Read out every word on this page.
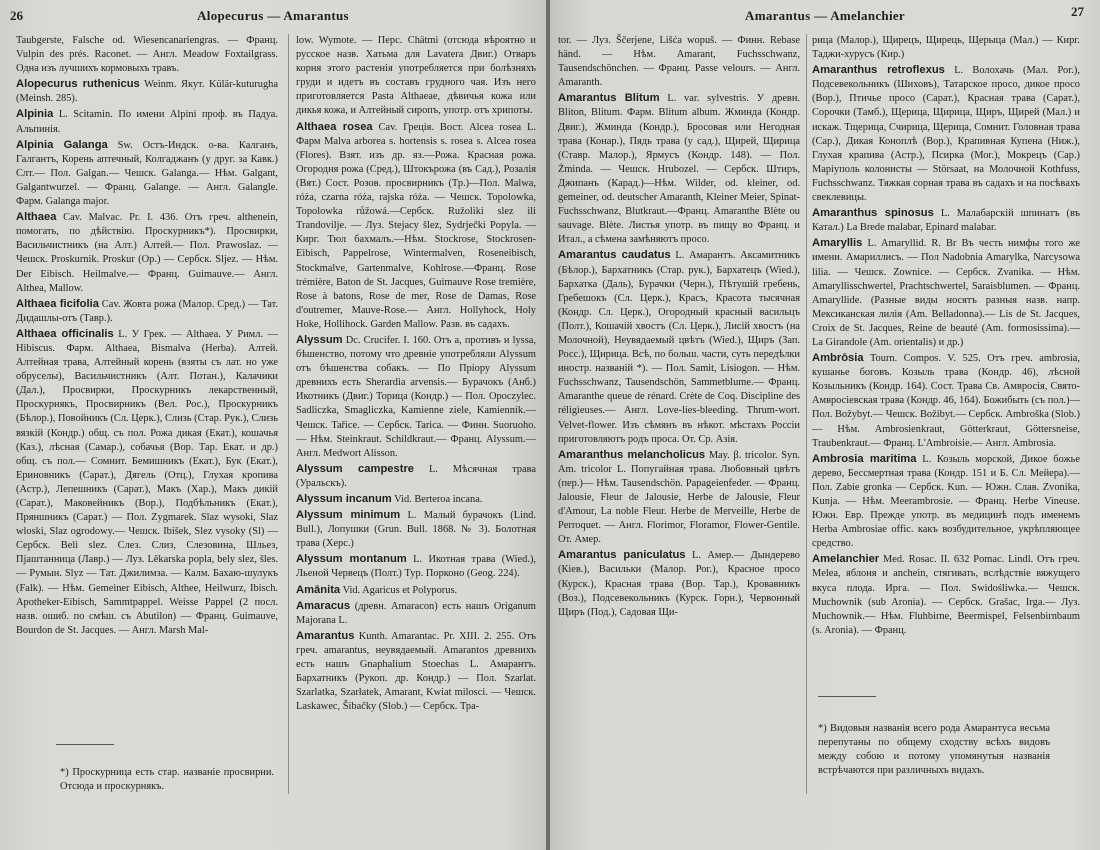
26	Alopecurus — Amarantus

Taubgerste, Falsche od. Wiesencanariengras. — Франц. Vulpin des prés. Raconet. — Англ. Meadow Foxtailgrass. Одна изъ лучшихъ кормовыхъ травъ.

Alopecurus ruthenicus Weinm. Якут. Külär-kuturugha (Meinsh. 285).

Alpinia L. Scitamin. По имени Alpini проф. въ Падуа. Альпинія.

Alpinia Galanga Sw. Остъ-Индск. о-ва. Калганъ, Галгантъ, Корень аптечный, Колгаджанъ (у друг. за Кавк.) Слт.— Пол. Galgan.— Чешск. Galanga.— Нѣм. Galgant, Galgantwurzel. — Франц. Galange. — Англ. Galangle. Фарм. Galanga major.

Althaea Cav. Malvac. Pr. I. 436. Отъ греч. altheneіn, помогать, по дѣйствію. Проскурникъ*). Просвирки, Васильчистникъ (на Алт.) Алтей.— Пол. Prawoslaz. — Чешск. Proskurnik. Proskur (Op.) — Сербск. Sljez. — Нѣм. Der Eibisch. Heilmalve.— Франц. Guimauve.— Англ. Althea, Mallow.

Althaea ficifolia Cav. Жовта рожа (Малор. Сред.) — Тат. Дидашлы-отъ (Тавр.).

Althaea officinalis L. У Грек. — Althaea. У Римл. — Hibiscus. Фарм. Althaea, Bismalva (Herba). Алтей. Алтейная трава, Алтейный корень (взяты съ лат. но уже обруселы), Васильчистникъ (Алт. Потан.), Калачики (Дал.), Просвирки, Проскурникъ лекарственный, Проскурнякъ, Просвирникъ (Вел. Рос.), Проскурникъ (Бѣлор.), Повойникъ (Сл. Церк.), Слизь (Стар. Рук.), Слизь вязкій (Кондр.) общ. съ пол. Рожа дикая (Екат.), кошачья (Каз.), лѣсная (Самар.), собачья (Вор. Тар. Екат. и др.) общ. съ пол.— Сомнит. Бемишникъ (Екат.), Бук (Екат.), Ериновникъ (Сарат.), Дягель (Отц.), Глухая кропива (Астр.), Лепешникъ (Сарат.), Макъ (Хар.), Макъ дикій (Сарат.), Маковейникъ (Вор.), Подбѣльникъ (Екат.), Пряншникъ (Сарат.) — Пол. Zygmarek. Slaz wysoki, Slaz wloski, Slaz ogrodowy.— Чешск. Ibišek, Slez vysoky (Sl) — Сербск. Beli slez. Слез. Слиз, Слезовина, Шльез, Пjаштанница (Лавр.) — Луз. Lěkarska popla, bely slez, šles.— Румын. Slyz — Тат. Джилимза. — Калм. Бахаю-шулукъ (Falk). — Нѣм. Gemeiner Eibisch, Althee, Heilwurz, Ibisch. Apotheker-Eibisch, Sammtpappel. Weisse Pappel (2 посл. назв. ошиб. по смѣш. съ Abutilon) — Франц. Guimauve, Bourdon de St. Jacques. — Англ. Marsh Mal-

low. Wymote. — Перс. Chätmi (отсюда вѣроятно и русское назв. Хатьма для Lavatera Двиг.) Отваръ корня этого растенія употребляется при болѣзняхъ груди и идетъ въ составъ грудного чая. Изъ него приготовляется Pasta Althaeae, дѣвичья кожа или дикья кожа, и Алтейный сиропъ, употр. отъ хрипоты.

Althaea rosea Cav. Греція. Вост. Alcea rosea L. Фарм Malva arborea s. hortensis s. rosea s. Alcea rosea (Flores). Взят. изъ др. яз.—Рожа. Красная рожа. Огородня рожа (Сред.), Штокърожа (въ Сад.), Розалія (Вят.) Сост. Розов. просвирникъ (Тр.)—Пол. Malwa, róża, czarna róża, rajska róża. — Чешск. Topolowka, Topolowka růžowá.—Сербск. Ružoliki slez ili Trandovilje. — Луз. Stejacy šlez, Sydrječki Popyla. — Кирг. Тюл бахмалъ.—Нѣм. Stockrose, Stockrosen-Eibisch, Pappelrose, Wintermalven, Roseneibisch, Stockmalve, Gartenmalve, Kohlrose.—Франц. Rose trémière, Baton de St. Jacques, Guimauve Rose tremière, Rose à batons, Rose de mer, Rose de Damas, Rose d'outremer, Mauve-Rose.— Англ. Hollyhock, Holy Hoke, Hollihock. Garden Mallow. Разв. въ садахъ.

Alyssum Dc. Crucifer. I. 160. Отъ а, противъ и lyssa, бѣшенство, потому что древніе употребляли Alyssum отъ бѣшенства собакъ. — По Пріору Alyssum древнихъ есть Sherardia arvensis.— Бурачокъ (Анб.) Икотникъ (Двиг.) Торица (Кондр.) — Пол. Opoczylec. Sadliczka, Smagliczka, Kamienne ziele, Kamiennik.— Чешск. Tařice. — Сербск. Tarica. — Финн. Suoruoho. — Нѣм. Steinkraut. Schildkraut.— Франц. Alyssum.— Англ. Medwort Alisson.

Alyssum campestre L. Мѣсячная трава (Уральскъ).

Alyssum incanum Vid. Berteroa incana.

Alyssum minimum L. Малый бурачокъ (Lind. Bull.), Лопушки (Grun. Bull. 1868. № 3). Болотная трава (Херс.)

Alyssum montanum L. Икотная трава (Wied.), Льеной Червецъ (Полт.) Тур. Порконо (Geog. 224).

Amānita Vid. Agaricus et Polyporus.

Amaracus (древн. Amaracon) есть нашъ Origanum Majorana L.

Amarantus Kunth. Amarantac. Pr. XIII. 2. 255. Отъ греч. amarantus, неувядаемый. Amarantos древнихъ есть нашъ Gnaphalium Stoechas L. Амарантъ. Бархатникъ (Рукоп. др. Кондр.) — Пол. Szarlat. Szarlatka, Szarłatek, Amarant, Kwiat milosci. — Чешск. Laskawec, Šibačky (Slob.) — Сербск. Тра-

*) Проскурница есть стар. названіе просвирни. Отсюда и проскурнякъ.
Amarantus — Amelanchier	27

tor. — Луз. Ščerjene, Lišća wopuš. — Финн. Rebase händ. — Нѣм. Amarant, Fuchsschwanz, Tausendschönchen. — Франц. Passe velours. — Англ. Amaranth.

Amarantus Blitum L. var. sylvestris. У древн. Bliton, Blitum. Фарм. Blitum album. Жминда (Кондр. Двиг.), Жминда (Кондр.), Бросовая или Негодная трава (Конар.), Пядь трава (у сад.), Щирей, Щирица (Ставр. Малор.), Ярмусъ (Кондр. 148). — Пол. Żminda. — Чешск. Hrubozel. — Сербск. Штиръ, Джипанъ (Карад.)—Нѣм. Wilder, od. kleiner, od. gemeiner, od. deutscher Amaranth, Kleiner Meier, Spinat-Fuchsschwanz, Blutkraut.—Франц. Amaranthe Blète ou sauvage. Blète. Листья употр. въ пищу во Франц. и Итал., а сѣмена замѣняютъ просо.

Amarantus caudatus L. Амарантъ. Аксамитникъ (Бѣлор.), Бархатникъ (Стар. рук.), Бархатецъ (Wied.), Бархатка (Даль), Бурачки (Черн.), Пѣтушій гребень, Гребешокъ (Сл. Церк.), Красъ, Красота тысячная (Кондр. Сл. Церк.), Огородный красный васильцъ (Полт.), Кошачій хвостъ (Сл. Церк.), Лисій хвостъ (на Молочной), Неувядаемый цвѣтъ (Wied.), Щиръ (Зап. Росс.), Щирица. Всѣ, по больш. части, суть передѣлки иностр. названій *). — Пол. Samit, Lisiogon. — Нѣм. Fuchsschwanz, Tausendschön, Sammetblume.— Франц. Amaranthe queue de rénard. Crète de Coq. Discipline des réligieuses.— Англ. Love-lies-bleeding. Thrum-wort. Velvet-flower. Изъ сѣмянъ въ нѣкот. мѣстахъ Россіи приготовляютъ родъ проса. От. Ср. Азія.

Amaranthus melancholicus May. β. tricolor. Syn. Am. tricolor L. Попугайная трава. Любовный цвѣтъ (пер.)— Нѣм. Tausendschön. Papageienfeder. — Франц. Jalousie, Fleur de Jalousie, Herbe de Jalousie, Fleur d'Amour, La noble Fleur. Herbe de Merveille, Herbe de Perroquet. — Англ. Florimor, Floramor, Flower-Gentile. От. Амер.

Amarantus paniculatus L. Амер.— Дындерево (Кіев.), Васильки (Малор. Рог.), Красное просо (Курск.), Красная трава (Вор. Тар.), Кровавникъ (Воз.), Подсевекольникъ (Курск. Горн.), Червонный Щиръ (Под.), Садовая Щи-

рица (Малор.), Щирецъ, Щирець, Щерыца (Мал.) — Кирг. Таджи-хурусъ (Кир.)

Amaranthus retroflexus L. Волохачь (Мал. Рог.), Подсевекольникъ (Шиховъ), Татарское просо, дикое просо (Вор.), Птичье просо (Сарат.), Красная трава (Сарат.), Сорочки (Тамб.), Щерица, Щирица, Щиръ, Щирей (Мал.) и искаж. Тщерица, Счирица, Щерица, Сомнит. Головная трава (Сар.), Дикая Коноплѣ (Вор.), Крапивная Купена (Ниж.), Глухая крапива (Астр.), Псирка (Мог.), Мокрецъ (Сар.) Маріуполь колонисты — Störsaat, на Молочной Kothfuss, Fuchsschwanz. Тяжкая сорная трава въ садахъ и на посѣвахъ свеклевицы.

Amaranthus spinosus L. Малабарскій шпинатъ (въ Катал.) La Brede malabar, Epinard malabar.

Amaryllis L. Amaryllid. R. Br Въ честь нимфы того же имени. Амариллисъ. — Пол Nadobnia Amarylka, Narcysowa lilia. — Чешск. Zownice. — Сербск. Zvanika. — Нѣм. Amaryllisschwertel, Prachtschwertel, Saraisblumen. — Франц. Amaryllide. (Разные виды носятъ разныя назв. напр. Мексиканская лилія (Am. Belladonna).— Lis de St. Jacques, Croix de St. Jacques, Reine de beauté (Am. formosissima).— La Girandole (Am. orientalis) и др.)

Ambrōsia Tourn. Compos. V. 525. Отъ греч. ambrosia, кушанье боговъ. Козыль трава (Кондр. 46), лѣсной Козыльникъ (Кондр. 164). Сост. Трава Св. Амвросія, Свято-Амвросіевская трава (Кондр. 46, 164). Божибыть (съ пол.)— Пол. Božybyt.— Чешск. Božibyt.— Сербск. Ambroška (Slob.) — Нѣм. Ambrosienkraut, Götterkraut, Göttersneise, Traubenkraut.— Франц. L'Ambroisie.— Англ. Ambrosia.

Ambrosia maritima L. Козыль морской, Дикое божье дерево, Бессмертная трава (Кондр. 151 и Б. Сл. Мейера).— Пол. Zabie gronka — Сербск. Kun. — Южн. Слав. Zvonika, Kunja. — Нѣм. Meerambrosie. — Франц. Herbe Vineuse. Южн. Евр. Прежде употр. въ медицинѣ подъ именемъ Herba Ambrosiae offic. какъ возбудительное, укрѣпляющее средство.

Amelanchier Med. Rosac. II. 632 Pomac. Lindl. Отъ греч. Melea, яблоня и anchein, стягивать, вслѣдствіе вяжущего вкуса плода. Ирга. — Пол. Swidośliwka.— Чешск. Muchownik (sub Aronia). — Сербск. Grašac, Irga.— Луз. Muchownik.— Нѣм. Fluhbirne, Beermispel, Felsenbirnbaum (s. Aronia). — Франц.

*) Видовыя названія всего рода Амарантуса весьма перепутаны по общему сходству всѣхъ видовъ между собою и потому упомянутыя названія встрѣчаются при различныхъ видахъ.
